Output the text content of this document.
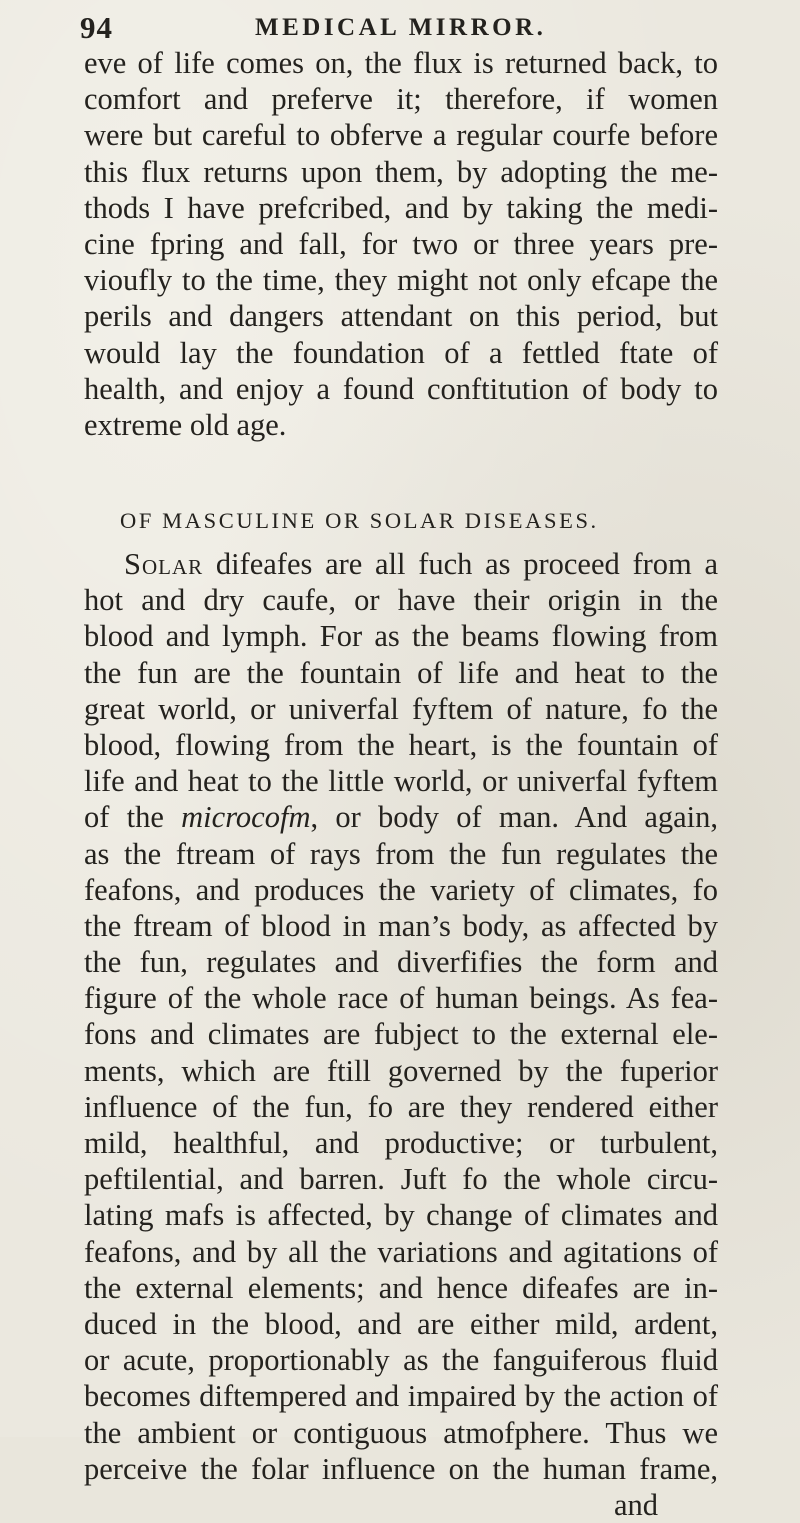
94	MEDICAL MIRROR.
eve of life comes on, the flux is returned back, to
comfort and preferve it; therefore, if women
were but careful to obferve a regular courfe before
this flux returns upon them, by adopting the me-
thods I have prefcribed, and by taking the medi-
cine fpring and fall, for two or three years pre-
vioufly to the time, they might not only efcape the
perils and dangers attendant on this period, but
would lay the foundation of a fettled ftate of
health, and enjoy a found conftitution of body to
extreme old age.
OF MASCULINE OR SOLAR DISEASES.
Solar difeafes are all fuch as proceed from a
hot and dry caufe, or have their origin in the
blood and lymph. For as the beams flowing from
the fun are the fountain of life and heat to the
great world, or univerfal fyftem of nature, fo the
blood, flowing from the heart, is the fountain of
life and heat to the little world, or univerfal fyftem
of the microcofm, or body of man. And again,
as the ftream of rays from the fun regulates the
feafons, and produces the variety of climates, fo
the ftream of blood in man’s body, as affected by
the fun, regulates and diverfifies the form and
figure of the whole race of human beings. As fea-
fons and climates are fubject to the external ele-
ments, which are ftill governed by the fuperior
influence of the fun, fo are they rendered either
mild, healthful, and productive; or turbulent,
peftilential, and barren. Juft fo the whole circu-
lating mafs is affected, by change of climates and
feafons, and by all the variations and agitations of
the external elements; and hence difeafes are in-
duced in the blood, and are either mild, ardent,
or acute, proportionably as the fanguiferous fluid
becomes diftempered and impaired by the action of
the ambient or contiguous atmofphere. Thus we
perceive the folar influence on the human frame,
and
